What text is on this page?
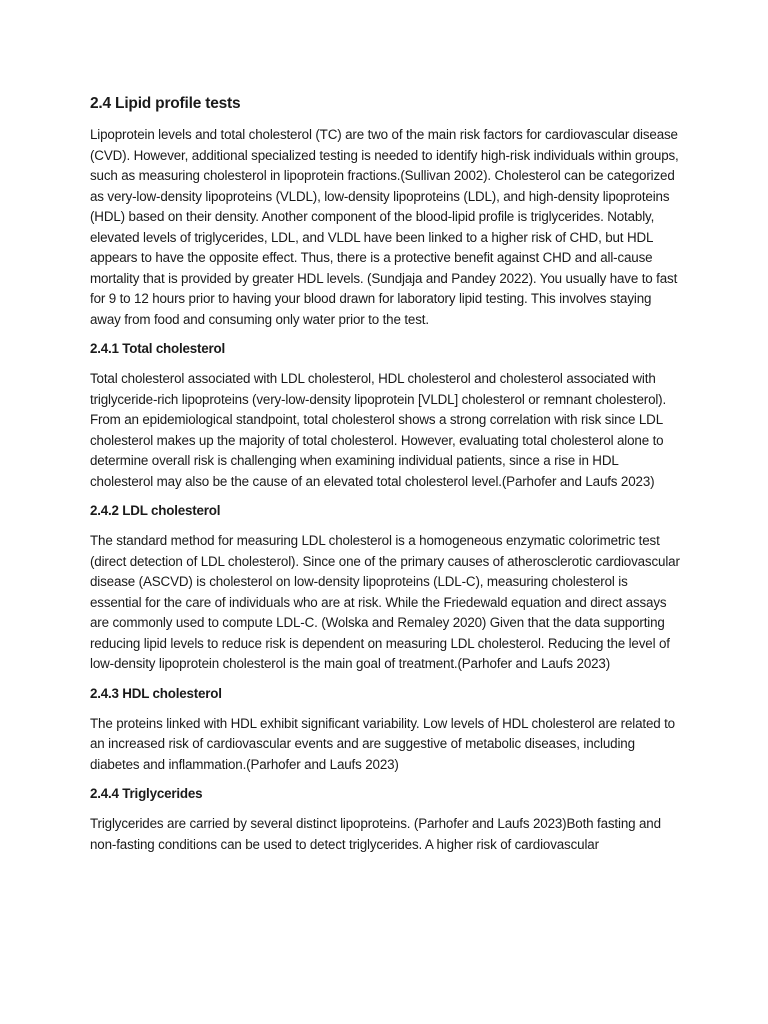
2.4 Lipid profile tests

Lipoprotein levels and total cholesterol (TC) are two of the main risk factors for cardiovascular disease (CVD). However, additional specialized testing is needed to identify high-risk individuals within groups, such as measuring cholesterol in lipoprotein fractions.(Sullivan 2002). Cholesterol can be categorized as very-low-density lipoproteins (VLDL), low-density lipoproteins (LDL), and high-density lipoproteins (HDL) based on their density. Another component of the blood-lipid profile is triglycerides. Notably, elevated levels of triglycerides, LDL, and VLDL have been linked to a higher risk of CHD, but HDL appears to have the opposite effect. Thus, there is a protective benefit against CHD and all-cause mortality that is provided by greater HDL levels. (Sundjaja and Pandey 2022). You usually have to fast for 9 to 12 hours prior to having your blood drawn for laboratory lipid testing. This involves staying away from food and consuming only water prior to the test.

2.4.1 Total cholesterol

Total cholesterol associated with LDL cholesterol, HDL cholesterol and cholesterol associated with triglyceride-rich lipoproteins (very-low-density lipoprotein [VLDL] cholesterol or remnant cholesterol). From an epidemiological standpoint, total cholesterol shows a strong correlation with risk since LDL cholesterol makes up the majority of total cholesterol. However, evaluating total cholesterol alone to determine overall risk is challenging when examining individual patients, since a rise in HDL cholesterol may also be the cause of an elevated total cholesterol level.(Parhofer and Laufs 2023)

2.4.2 LDL cholesterol

The standard method for measuring LDL cholesterol is a homogeneous enzymatic colorimetric test (direct detection of LDL cholesterol). Since one of the primary causes of atherosclerotic cardiovascular disease (ASCVD) is cholesterol on low-density lipoproteins (LDL-C), measuring cholesterol is essential for the care of individuals who are at risk. While the Friedewald equation and direct assays are commonly used to compute LDL-C. (Wolska and Remaley 2020) Given that the data supporting reducing lipid levels to reduce risk is dependent on measuring LDL cholesterol. Reducing the level of low-density lipoprotein cholesterol is the main goal of treatment.(Parhofer and Laufs 2023)

2.4.3 HDL cholesterol

The proteins linked with HDL exhibit significant variability. Low levels of HDL cholesterol are related to an increased risk of cardiovascular events and are suggestive of metabolic diseases, including diabetes and inflammation.(Parhofer and Laufs 2023)

2.4.4 Triglycerides

Triglycerides are carried by several distinct lipoproteins. (Parhofer and Laufs 2023)Both fasting and non-fasting conditions can be used to detect triglycerides. A higher risk of cardiovascular
